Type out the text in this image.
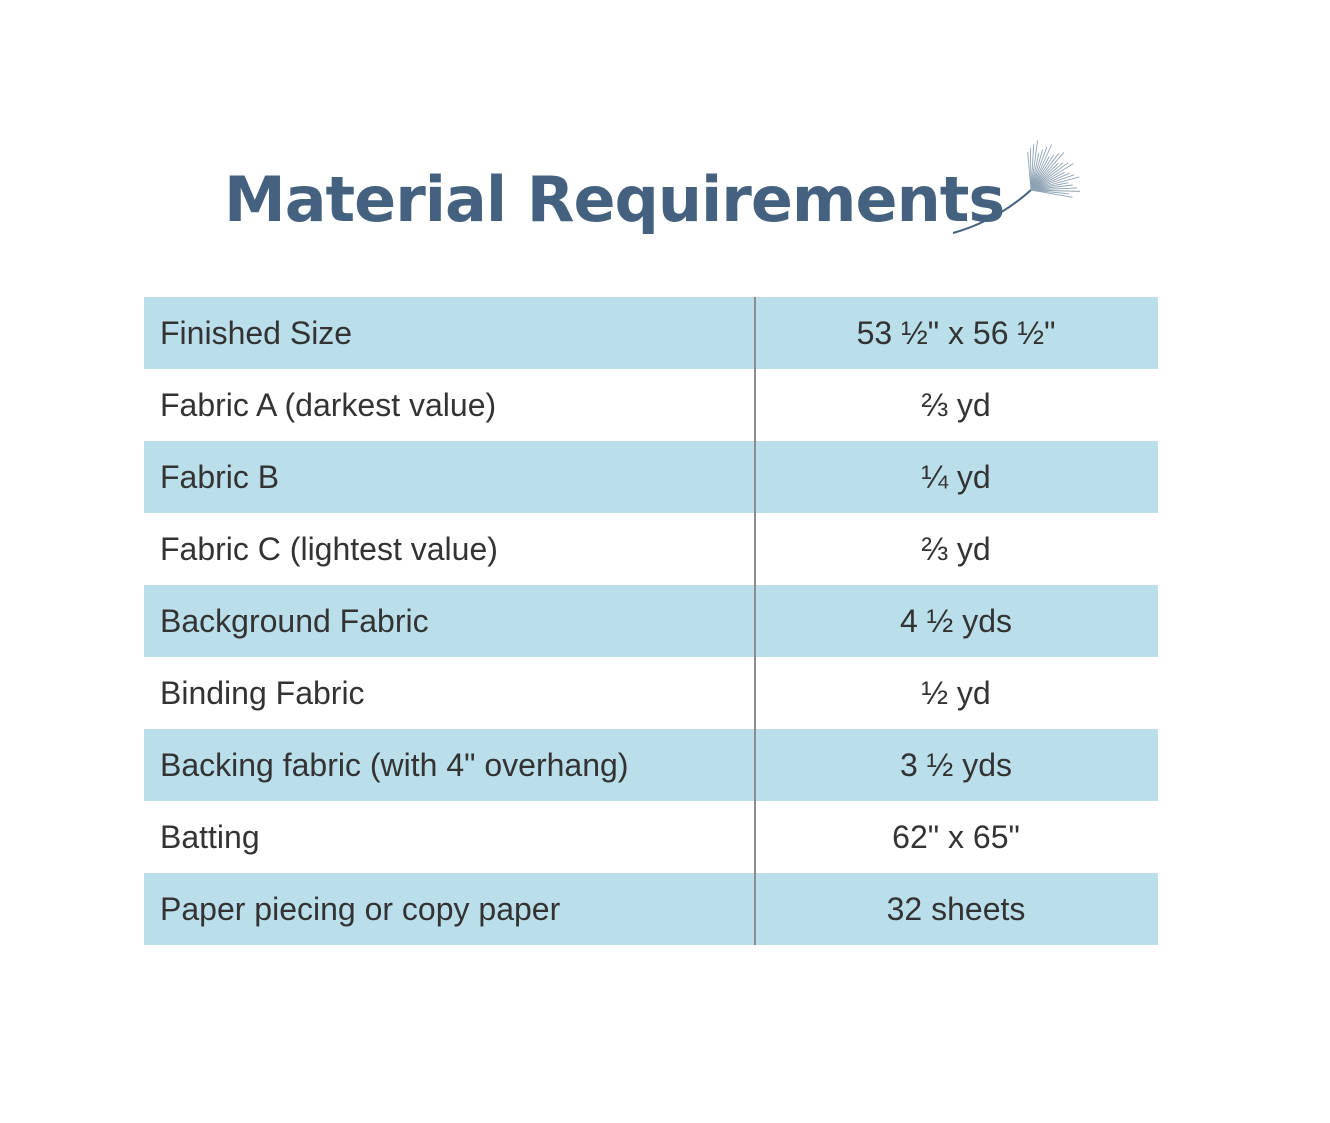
Material Requirements
Finished Size	53 ½" x 56 ½"
Fabric A (darkest value)	⅔ yd
Fabric B	¼ yd
Fabric C (lightest value)	⅔ yd
Background Fabric	4 ½ yds
Binding Fabric	½ yd
Backing fabric (with 4" overhang)	3 ½ yds
Batting	62" x 65"
Paper piecing or copy paper	32 sheets
